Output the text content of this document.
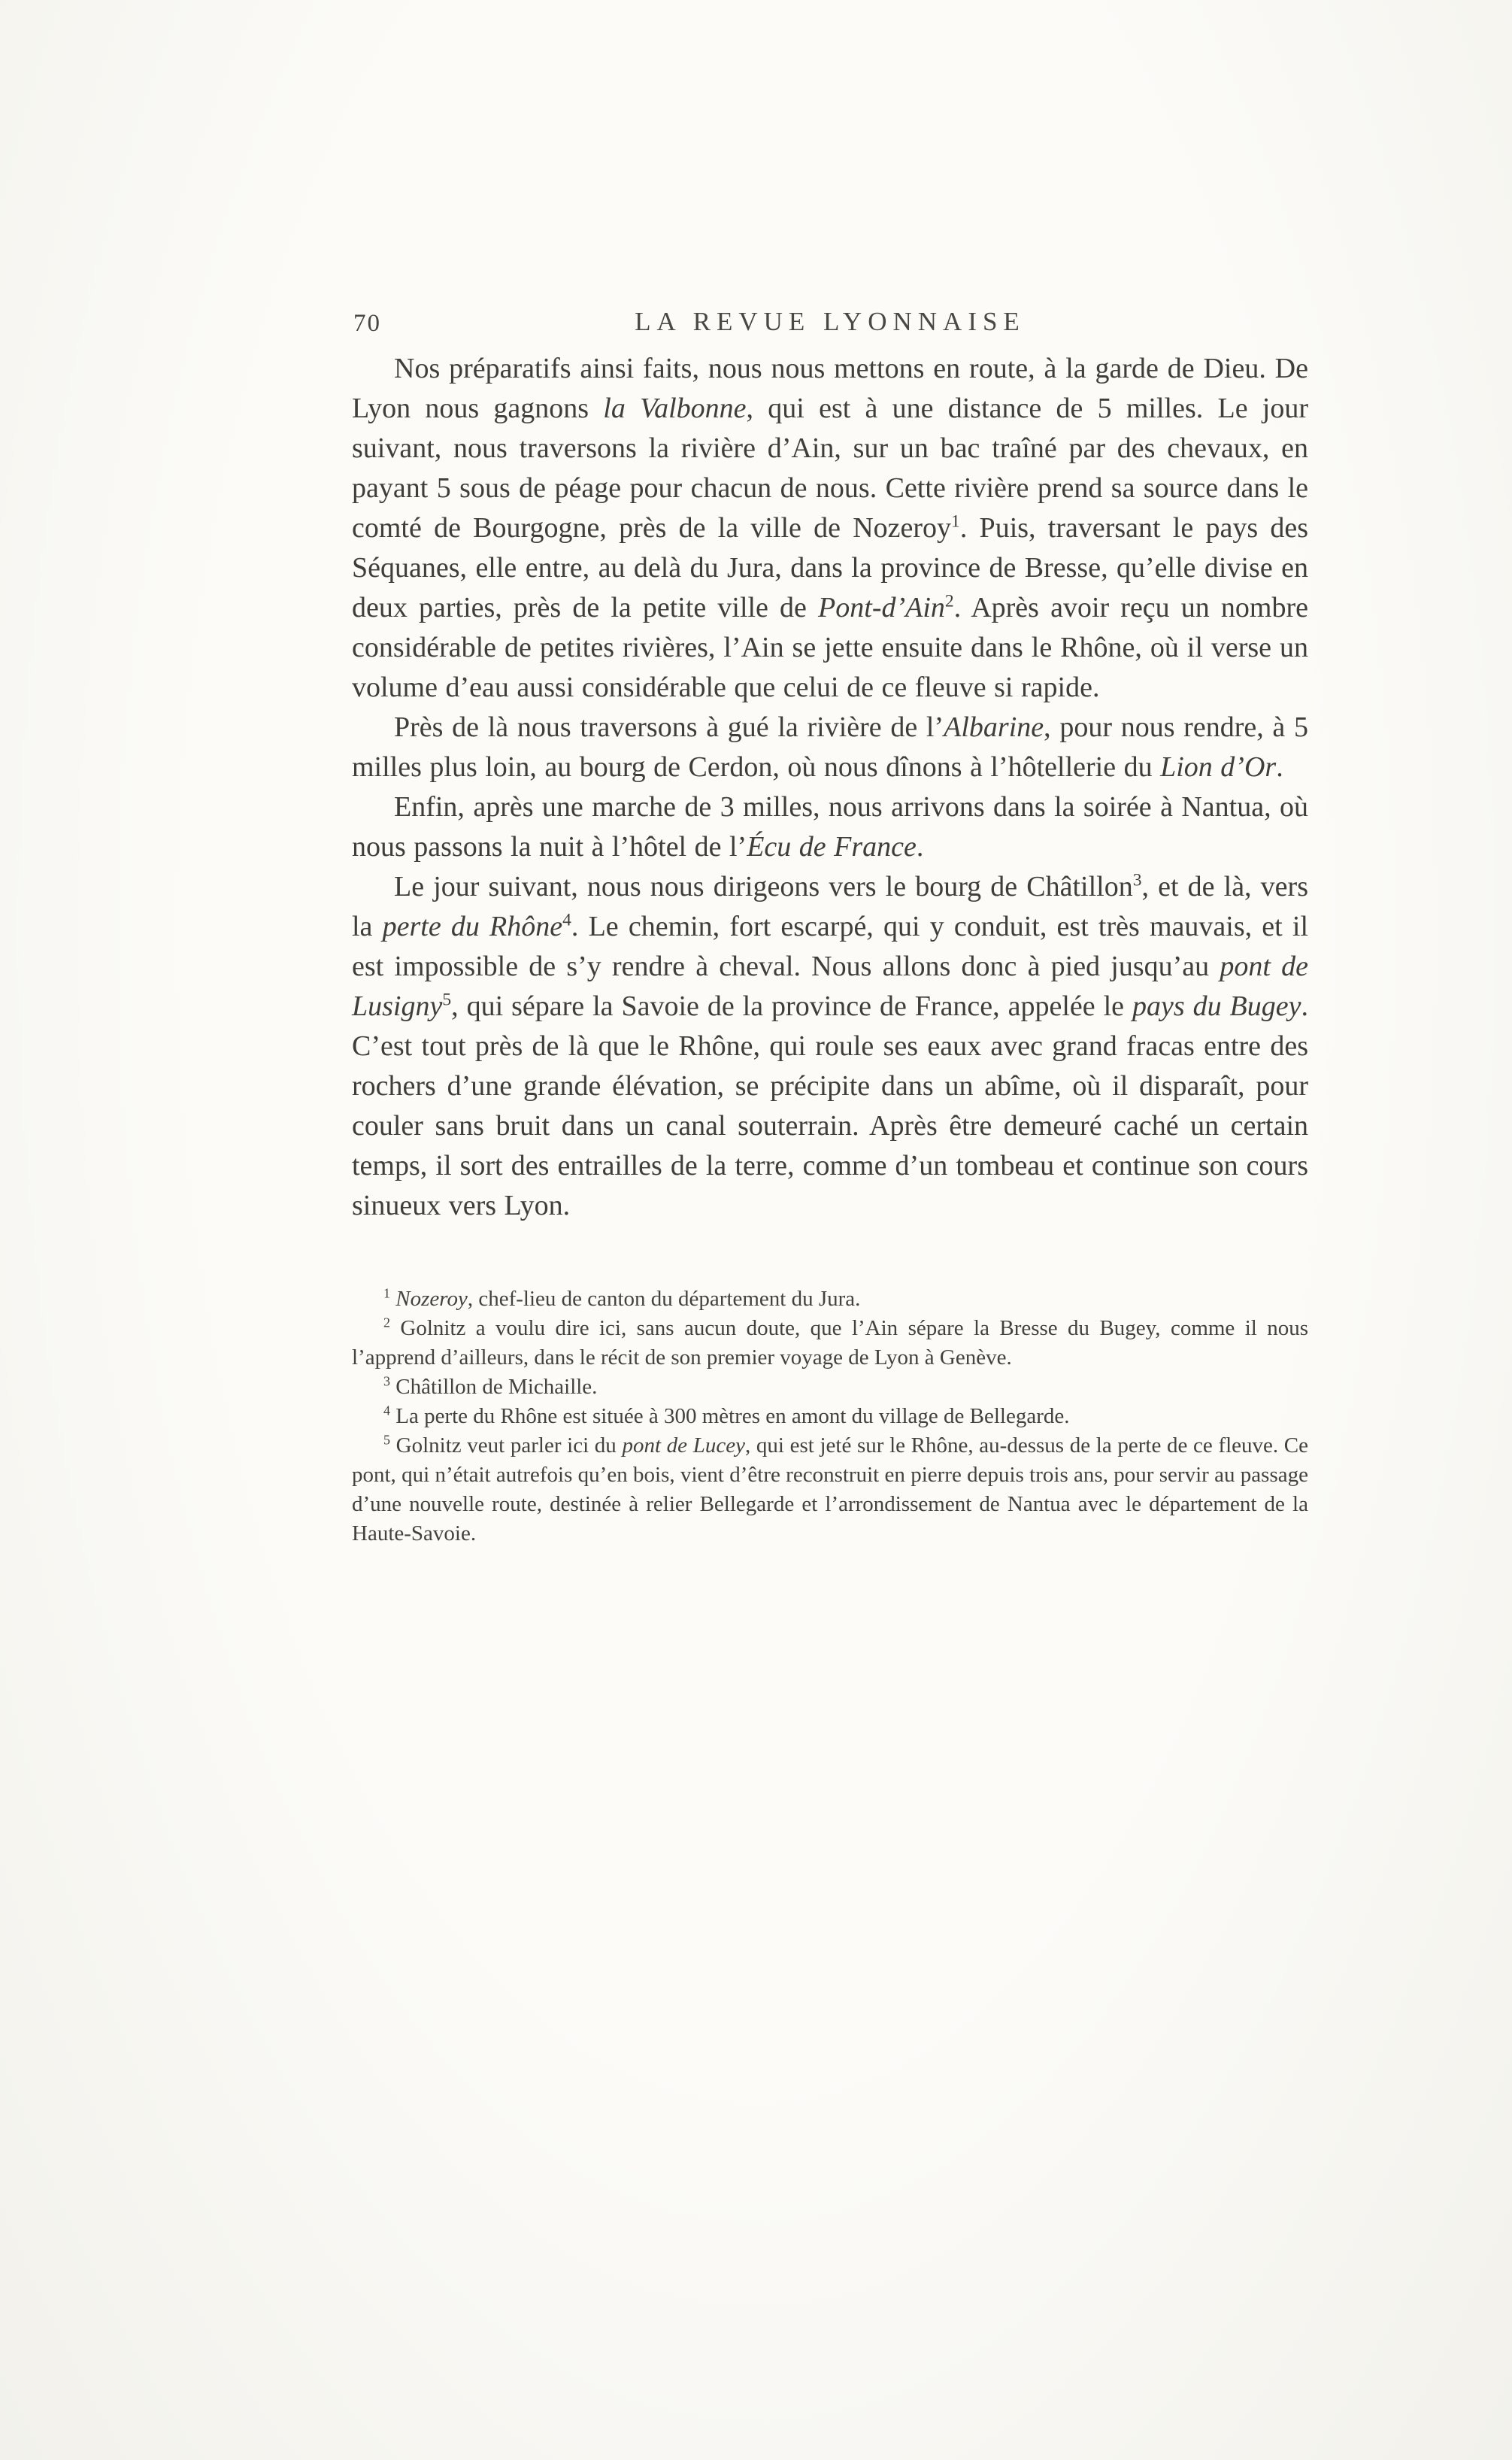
70	LA REVUE LYONNAISE

Nos préparatifs ainsi faits, nous nous mettons en route, à la garde de Dieu. De Lyon nous gagnons la Valbonne, qui est à une distance de 5 milles. Le jour suivant, nous traversons la rivière d’Ain, sur un bac traîné par des chevaux, en payant 5 sous de péage pour chacun de nous. Cette rivière prend sa source dans le comté de Bourgogne, près de la ville de Nozeroy$^1$. Puis, traversant le pays des Séquanes, elle entre, au delà du Jura, dans la province de Bresse, qu’elle divise en deux parties, près de la petite ville de Pont-d’Ain$^2$. Après avoir reçu un nombre considérable de petites rivières, l’Ain se jette ensuite dans le Rhône, où il verse un volume d’eau aussi considérable que celui de ce fleuve si rapide.

Près de là nous traversons à gué la rivière de l’Albarine, pour nous rendre, à 5 milles plus loin, au bourg de Cerdon, où nous dînons à l’hôtellerie du Lion d’Or.

Enfin, après une marche de 3 milles, nous arrivons dans la soirée à Nantua, où nous passons la nuit à l’hôtel de l’Écu de France.

Le jour suivant, nous nous dirigeons vers le bourg de Châtillon$^3$, et de là, vers la perte du Rhône$^4$. Le chemin, fort escarpé, qui y conduit, est très mauvais, et il est impossible de s’y rendre à cheval. Nous allons donc à pied jusqu’au pont de Lusigny$^5$, qui sépare la Savoie de la province de France, appelée le pays du Bugey. C’est tout près de là que le Rhône, qui roule ses eaux avec grand fracas entre des rochers d’une grande élévation, se précipite dans un abîme, où il disparaît, pour couler sans bruit dans un canal souterrain. Après être demeuré caché un certain temps, il sort des entrailles de la terre, comme d’un tombeau et continue son cours sinueux vers Lyon.

$^1$ Nozeroy, chef-lieu de canton du département du Jura.

$^2$ Golnitz a voulu dire ici, sans aucun doute, que l’Ain sépare la Bresse du Bugey, comme il nous l’apprend d’ailleurs, dans le récit de son premier voyage de Lyon à Genève.

$^3$ Châtillon de Michaille.

$^4$ La perte du Rhône est située à 300 mètres en amont du village de Bellegarde.

$^5$ Golnitz veut parler ici du pont de Lucey, qui est jeté sur le Rhône, au-dessus de la perte de ce fleuve. Ce pont, qui n’était autrefois qu’en bois, vient d’être reconstruit en pierre depuis trois ans, pour servir au passage d’une nouvelle route, destinée à relier Bellegarde et l’arrondissement de Nantua avec le département de la Haute-Savoie.
